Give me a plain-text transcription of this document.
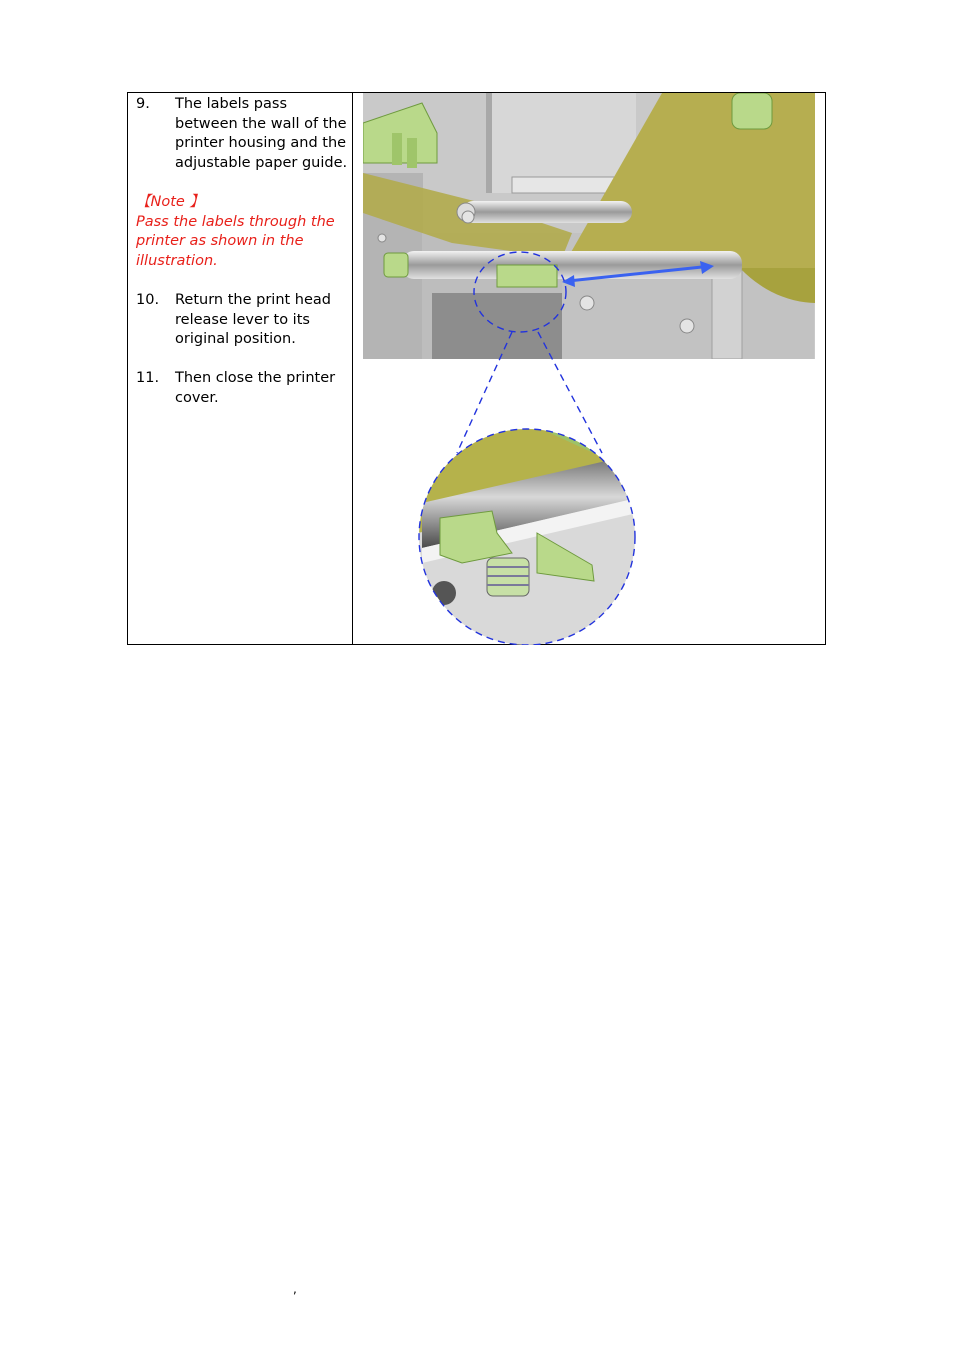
9. The labels pass between the wall of the printer housing and the adjustable paper guide.
【Note 】
Pass the labels through the printer as shown in the illustration.
10. Return the print head release lever to its original position.
11. Then close the printer cover.
,
